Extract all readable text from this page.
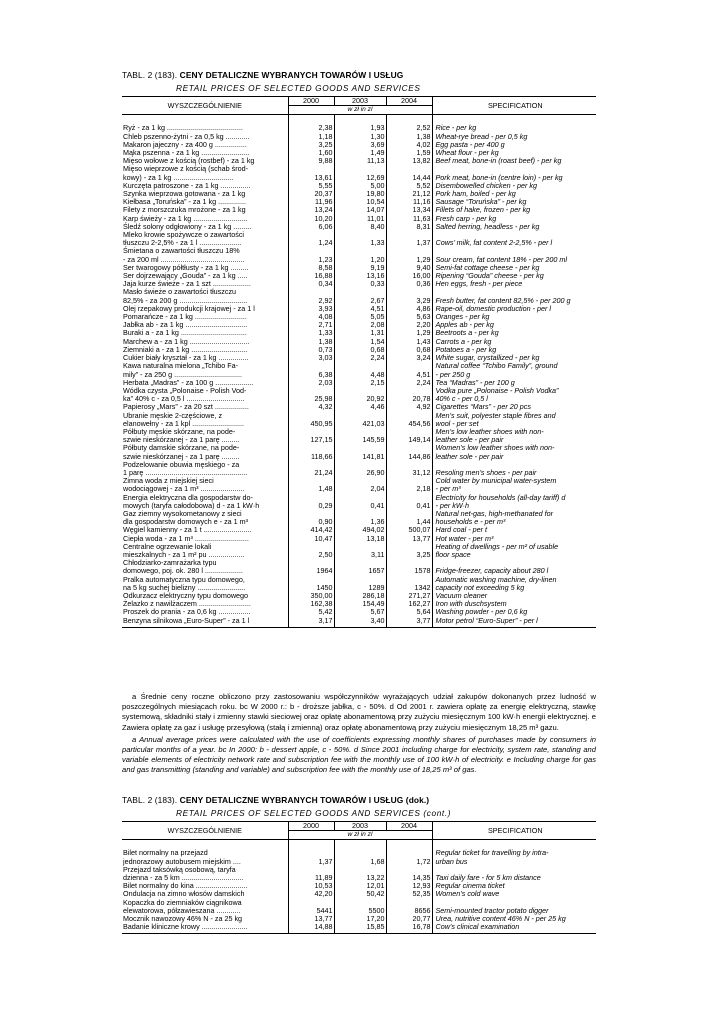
TABL. 2 (183). CENY DETALICZNE WYBRANYCH TOWARÓW I USŁUG
RETAIL PRICES OF SELECTED GOODS AND SERVICES
WYSZCZEGÓLNIENIE	2000	2003	2004	SPECIFICATION
	w zł in zl			

Ryż - za 1 kg ......................................	2,38	1,93	2,52	Rice - per kg
Chleb pszenno-żytni - za 0,5 kg ............	1,18	1,30	1,38	Wheat-rye bread - per 0,5 kg
Makaron jajeczny - za 400 g ................	3,25	3,69	4,02	Egg pasta - per 400 g
Mąka pszenna - za 1 kg ........................	1,60	1,49	1,59	Wheat flour - per kg
Mięso wołowe z kością (rostbef) - za 1 kg	9,88	11,13	13,82	Beef meat, bone-in (roast beef) - per kg
Mięso wieprzowe z kością (schab środ-
kowy) - za 1 kg ..............................	13,61	12,69	14,44	Pork meat, bone-in (centre loin) - per kg
Kurczęta patroszone - za 1 kg ...............	5,55	5,00	5,52	Disembowelled chicken - per kg
Szynka wieprzowa gotowana - za 1 kg	20,37	19,80	21,12	Pork ham, boiled - per kg
Kiełbasa „Toruńska” - za 1 kg ..............	11,96	10,54	11,16	Sausage “Toruńska” - per kg
Filety z morszczuka mrożone - za 1 kg	13,24	14,07	13,34	Fillets of hake, frozen - per kg
Karp świeży - za 1 kg ...........................	10,20	11,01	11,63	Fresh carp - per kg
Śledź solony odgłowiony - za 1 kg .........	6,06	8,40	8,31	Salted herring, headless - per kg
Mleko krowie spożywcze o zawartości
tłuszczu 2-2,5% - za 1 l .....................	1,24	1,33	1,37	Cows’ milk, fat content 2-2,5% - per l
Śmietana o zawartości tłuszczu 18%
- za 200 ml ..........................................	1,23	1,20	1,29	Sour cream, fat content 18% - per 200 ml
Ser twarogowy półtłusty - za 1 kg .........	8,58	9,19	9,40	Semi-fat cottage cheese - per kg
Ser dojrzewający „Gouda” - za 1 kg .....	16,88	13,16	16,00	Ripening “Gouda” cheese - per kg
Jaja kurze świeże - za 1 szt ...................	0,34	0,33	0,36	Hen eggs, fresh - per piece
Masło świeże o zawartości tłuszczu
82,5% - za 200 g ..................................	2,92	2,67	3,29	Fresh butter, fat content 82,5% - per 200 g
Olej rzepakowy produkcji krajowej - za 1 l	3,93	4,51	4,86	Rape-oil, domestic production - per l
Pomarańcze - za 1 kg ..........................	4,08	5,05	5,63	Oranges - per kg
Jabłka ab - za 1 kg ...............................	2,71	2,08	2,20	Apples ab - per kg
Buraki a - za 1 kg .................................	1,33	1,31	1,29	Beetroots a - per kg
Marchew a - za 1 kg ..............................	1,38	1,54	1,43	Carrots a - per kg
Ziemniaki a - za 1 kg ............................	0,73	0,68	0,68	Potatoes a - per kg
Cukier biały kryształ - za 1 kg ...............	3,03	2,24	3,24	White sugar, crystallized - per kg
Kawa naturalna mielona „Tchibo Fa-
mily” - za 250 g ..................................	6,38	4,48	4,51	Natural coffee “Tchibo Family”, ground
- per 250 g
Herbata „Madras” - za 100 g ...................	2,03	2,15	2,24	Tea “Madras” - per 100 g
Wódka czysta „Polonaise - Polish Vod-
ka” 40% c - za 0,5 l .............................	25,98	20,92	20,78	Vodka pure „Polonaise - Polish Vodka”
40% c - per 0,5 l
Papierosy „Mars” - za 20 szt .................	4,32	4,46	4,92	Cigarettes “Mars” - per 20 pcs
Ubranie męskie 2-częściowe, z
elanowełny - za 1 kpl ..........................	450,95	421,03	454,56	Men’s suit, polyester staple fibres and
wool - per set
Półbuty męskie skórzane, na pode-
szwie nieskórzanej - za 1 parę .........	127,15	145,59	149,14	Men’s low leather shoes with non-
leather sole - per pair
Półbuty damskie skórzane, na pode-
szwie nieskórzanej - za 1 parę .........	118,66	141,81	144,86	Women’s low leather shoes with non-
leather sole - per pair
Podzelowanie obuwia męskiego - za
1 parę ...................................................	21,24	26,90	31,12	Resoling men’s shoes - per pair
Zimna woda z miejskiej sieci
wodociągowej - za 1 m³ ......................	1,48	2,04	2,18	Cold water by municipal water-system
- per m³
Energia elektryczna dla gospodarstw do-
mowych (taryfa całodobowa) d - za 1 kW·h	0,29	0,41	0,41	Electricity for households (all-day tariff) d
- per kW·h
Gaz ziemny wysokometanowy z sieci
dla gospodarstw domowych e - za 1 m³	0,90	1,36	1,44	Natural net-gas, high-methanated for
households e - per m³
Węgiel kamienny - za 1 t ........................	414,42	494,02	500,07	Hard coal - per t
Ciepła woda - za 1 m³ ...........................	10,47	13,18	13,77	Hot water - per m³
Centralne ogrzewanie lokali
mieszkalnych - za 1 m² pu ..................	2,50	3,11	3,25	Heating of dwellings - per m² of usable
floor space
Chłodziarko-zamrażarka typu
domowego, poj. ok. 280 l ...................	1964	1657	1578	Fridge-freezer, capacity about 280 l
Pralka automatyczna typu domowego,
na 5 kg suchej bielizny ........................	1450	1289	1342	Automatic washing machine, dry-linen
capacity not exceeding 5 kg
Odkurzacz elektryczny typu domowego	350,00	286,18	271,27	Vacuum cleaner
Żelazko z nawilżaczem ..........................	162,38	154,49	162,27	Iron with duschsystem
Proszek do prania - za 0,6 kg ................	5,42	5,67	5,64	Washing powder - per 0,6 kg
Benzyna silnikowa „Euro-Super” - za 1 l	3,17	3,40	3,77	Motor petrol “Euro-Super” - per l

a Średnie ceny roczne obliczono przy zastosowaniu współczynników wyrażających udział zakupów dokonanych przez ludność w poszczególnych miesiącach roku. bc W 2000 r.: b - droższe jabłka, c - 50%. d Od 2001 r. zawiera opłatę za energię elektryczną, stawkę systemową, składniki stały i zmienny stawki sieciowej oraz opłatę abonamentową przy zużyciu miesięcznym 100 kW·h energii elektrycznej. e Zawiera opłatę za gaz i usługę przesyłową (stałą i zmienną) oraz opłatę abonamentową przy zużyciu miesięcznym 18,25 m³ gazu.

a Annual average prices were calculated with the use of coefficients expressing monthly shares of purchases made by consumers in particular months of a year. bc In 2000: b - dessert apple, c - 50%. d Since 2001 including charge for electricity, system rate, standing and variable elements of electricity network rate and subscription fee with the monthly use of 100 kW·h of electricity. e Including charge for gas and gas transmitting (standing and variable) and subscription fee with the monthly use of 18,25 m³ of gas.

TABL. 2 (183). CENY DETALICZNE WYBRANYCH TOWARÓW I USŁUG (dok.)
RETAIL PRICES OF SELECTED GOODS AND SERVICES (cont.)
WYSZCZEGÓLNIENIE	2000	2003	2004	SPECIFICATION
	w zł in zl			

Bilet normalny na przejazd
jednorazowy autobusem miejskim ....	1,37	1,68	1,72	Regular ticket for travelling by intra-
urban bus
Przejazd taksówką osobową, taryfa
dzienna - za 5 km ...............................	11,89	13,22	14,35	Taxi daily fare - for 5 km distance
Bilet normalny do kina ..........................	10,53	12,01	12,93	Regular cinema ticket
Ondulacja na zimno włosów damskich	42,20	50,42	52,35	Women’s cold wave
Kopaczka do ziemniaków ciągnikowa
elewatorowa, półzawieszana ............	5441	5500	8656	Semi-mounted tractor potato digger
Mocznik nawozowy 46% N - za 25 kg	13,77	17,20	20,77	Urea, nutritive content 46% N - per 25 kg
Badanie kliniczne krowy .......................	14,88	15,85	16,78	Cow’s clinical examination
